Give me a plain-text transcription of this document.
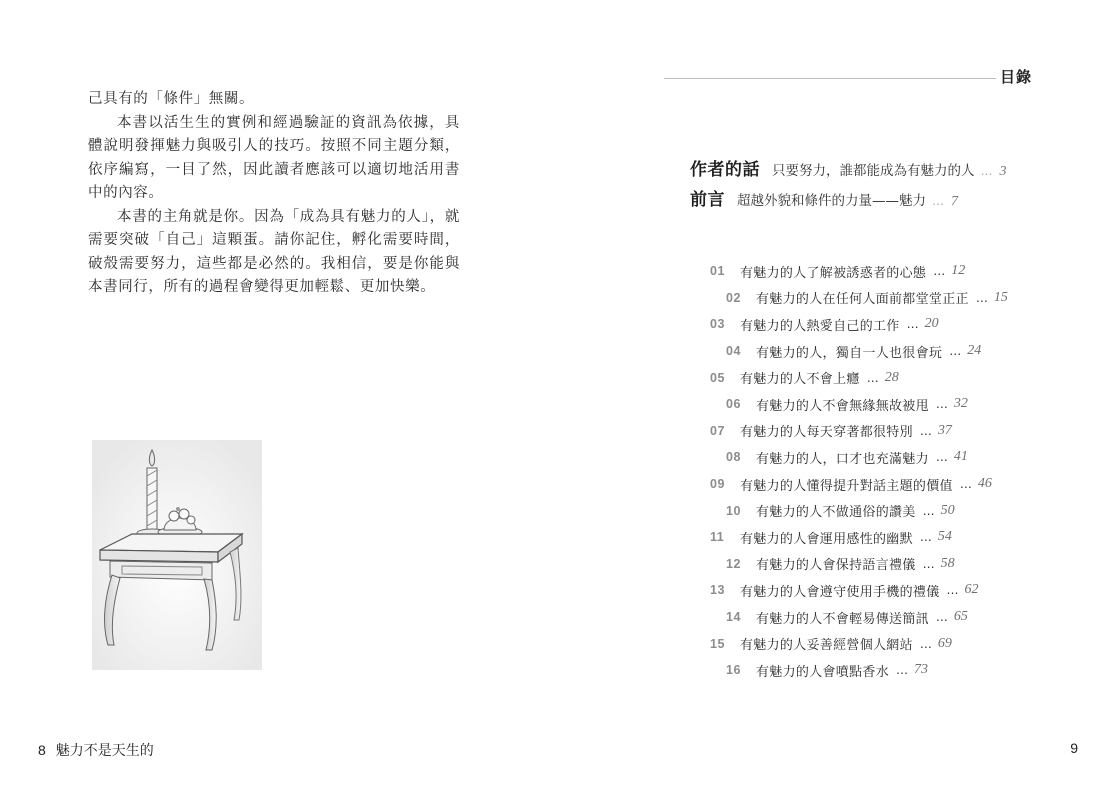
己具有的「條件」無關。

本書以活生生的實例和經過驗証的資訊為依據，具體說明發揮魅力與吸引人的技巧。按照不同主題分類，依序編寫，一目了然，因此讀者應該可以適切地活用書中的內容。

本書的主角就是你。因為「成為具有魅力的人」，就需要突破「自己」這顆蛋。請你記住，孵化需要時間，破殼需要努力，這些都是必然的。我相信，要是你能與本書同行，所有的過程會變得更加輕鬆、更加快樂。

8 魅力不是天生的
目錄
作者的話 只要努力，誰都能成為有魅力的人 … 3
前言 超越外貌和條件的力量——魅力 … 7
01	有魅力的人了解被誘惑者的心態 … 12
02	有魅力的人在任何人面前都堂堂正正 … 15
03	有魅力的人熱愛自己的工作 … 20
04	有魅力的人，獨自一人也很會玩 … 24
05	有魅力的人不會上癮 … 28
06	有魅力的人不會無緣無故被甩 … 32
07	有魅力的人每天穿著都很特別 … 37
08	有魅力的人，口才也充滿魅力 … 41
09	有魅力的人懂得提升對話主題的價值 … 46
10	有魅力的人不做通俗的讚美 … 50
11	有魅力的人會運用感性的幽默 … 54
12	有魅力的人會保持語言禮儀 … 58
13	有魅力的人會遵守使用手機的禮儀 … 62
14	有魅力的人不會輕易傳送簡訊 … 65
15	有魅力的人妥善經營個人網站 … 69
16	有魅力的人會噴點香水 … 73
9
